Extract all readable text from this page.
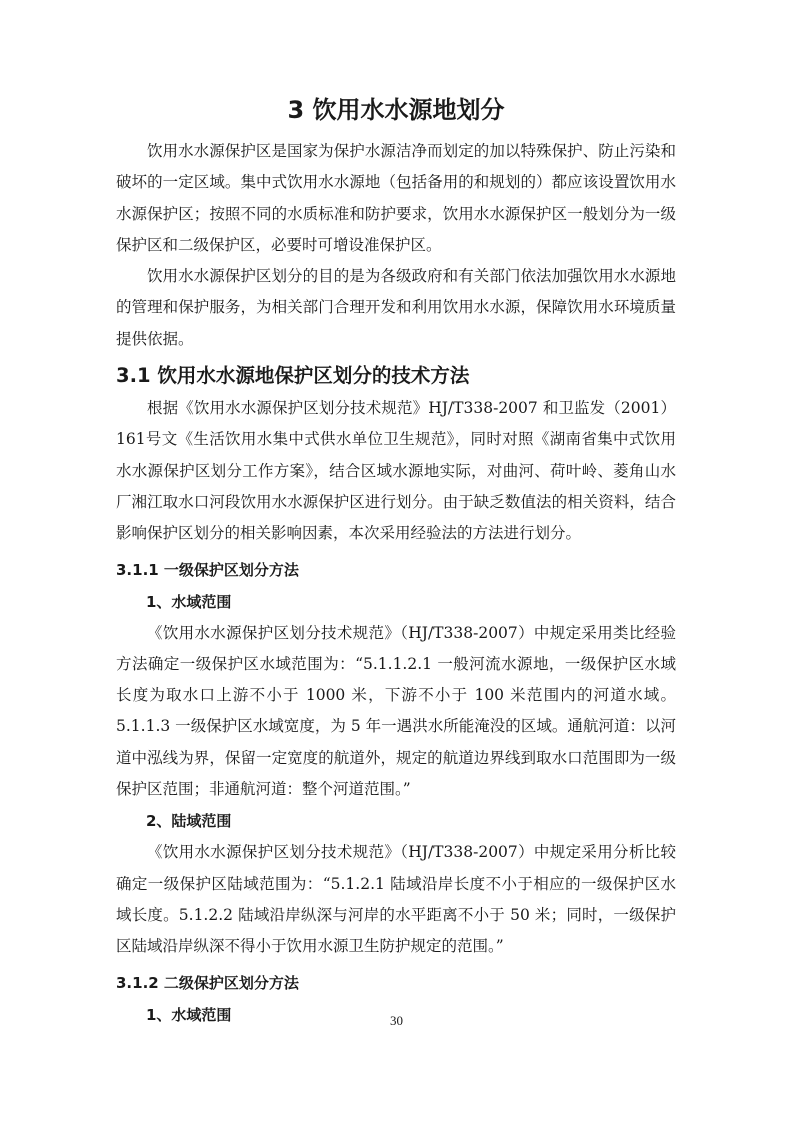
3 饮用水水源地划分

饮用水水源保护区是国家为保护水源洁净而划定的加以特殊保护、防止污染和破坏的一定区域。集中式饮用水水源地（包括备用的和规划的）都应该设置饮用水水源保护区；按照不同的水质标准和防护要求，饮用水水源保护区一般划分为一级保护区和二级保护区，必要时可增设准保护区。

饮用水水源保护区划分的目的是为各级政府和有关部门依法加强饮用水水源地的管理和保护服务，为相关部门合理开发和利用饮用水水源，保障饮用水环境质量提供依据。

3.1 饮用水水源地保护区划分的技术方法

根据《饮用水水源保护区划分技术规范》HJ/T338-2007 和卫监发（2001）161号文《生活饮用水集中式供水单位卫生规范》，同时对照《湖南省集中式饮用水水源保护区划分工作方案》，结合区域水源地实际，对曲河、荷叶岭、菱角山水厂湘江取水口河段饮用水水源保护区进行划分。由于缺乏数值法的相关资料，结合影响保护区划分的相关影响因素，本次采用经验法的方法进行划分。

3.1.1 一级保护区划分方法
1、水域范围

《饮用水水源保护区划分技术规范》（HJ/T338-2007）中规定采用类比经验方法确定一级保护区水域范围为：“5.1.1.2.1 一般河流水源地，一级保护区水域长度为取水口上游不小于 1000 米，下游不小于 100 米范围内的河道水域。5.1.1.3 一级保护区水域宽度，为 5 年一遇洪水所能淹没的区域。通航河道：以河道中泓线为界，保留一定宽度的航道外，规定的航道边界线到取水口范围即为一级保护区范围；非通航河道：整个河道范围。”

2、陆域范围

《饮用水水源保护区划分技术规范》（HJ/T338-2007）中规定采用分析比较确定一级保护区陆域范围为：“5.1.2.1 陆域沿岸长度不小于相应的一级保护区水域长度。5.1.2.2 陆域沿岸纵深与河岸的水平距离不小于 50 米；同时，一级保护区陆域沿岸纵深不得小于饮用水源卫生防护规定的范围。”

3.1.2 二级保护区划分方法
1、水域范围	30
